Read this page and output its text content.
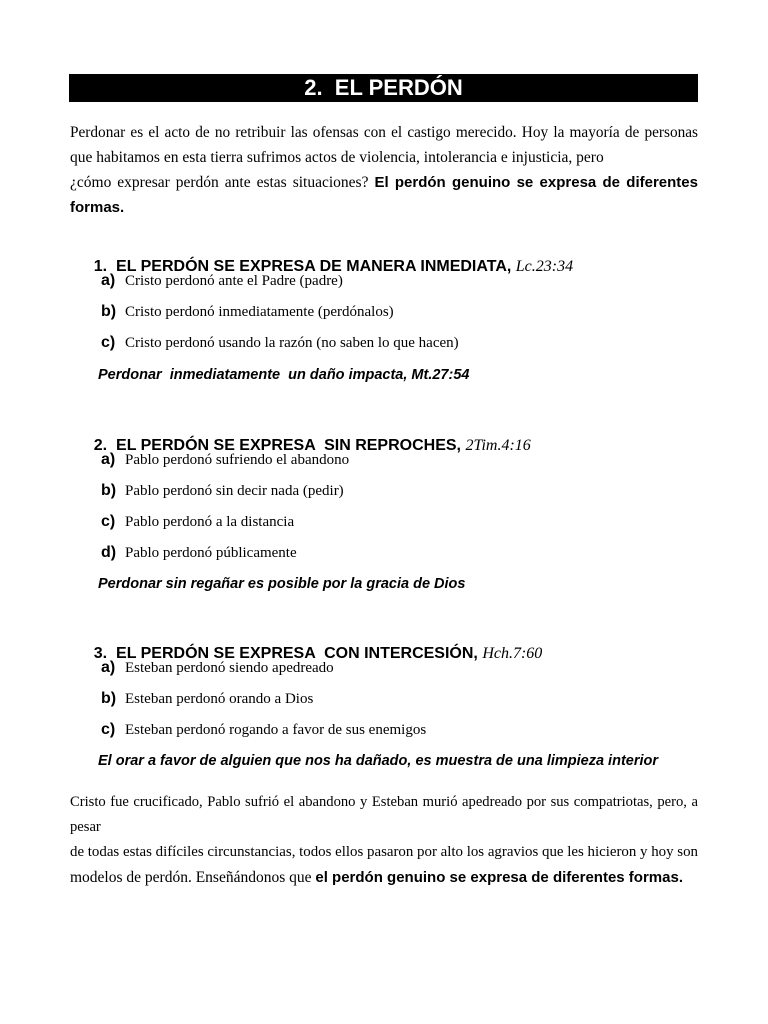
2.  EL PERDÓN
Perdonar es el acto de no retribuir las ofensas con el castigo merecido. Hoy la mayoría de personas
que habitamos en esta tierra sufrimos actos de violencia, intolerancia e injusticia, pero
¿cómo expresar perdón ante estas situaciones? El perdón genuino se expresa de diferentes
formas.

1.  EL PERDÓN SE EXPRESA DE MANERA INMEDIATA, Lc.23:34

a) Cristo perdonó ante el Padre (padre)
b) Cristo perdonó inmediatamente (perdónalos)
c) Cristo perdonó usando la razón (no saben lo que hacen)
Perdonar  inmediatamente  un daño impacta, Mt.27:54

2.  EL PERDÓN SE EXPRESA  SIN REPROCHES, 2Tim.4:16

a) Pablo perdonó sufriendo el abandono
b) Pablo perdonó sin decir nada (pedir)
c) Pablo perdonó a la distancia
d) Pablo perdonó públicamente
Perdonar sin regañar es posible por la gracia de Dios

3.  EL PERDÓN SE EXPRESA  CON INTERCESIÓN, Hch.7:60

a) Esteban perdonó siendo apedreado
b) Esteban perdonó orando a Dios
c) Esteban perdonó rogando a favor de sus enemigos
El orar a favor de alguien que nos ha dañado, es muestra de una limpieza interior
Cristo fue crucificado, Pablo sufrió el abandono y Esteban murió apedreado por sus compatriotas, pero, a pesar
de todas estas difíciles circunstancias, todos ellos pasaron por alto los agravios que les hicieron y hoy son
modelos de perdón. Enseñándonos que el perdón genuino se expresa de diferentes formas.
